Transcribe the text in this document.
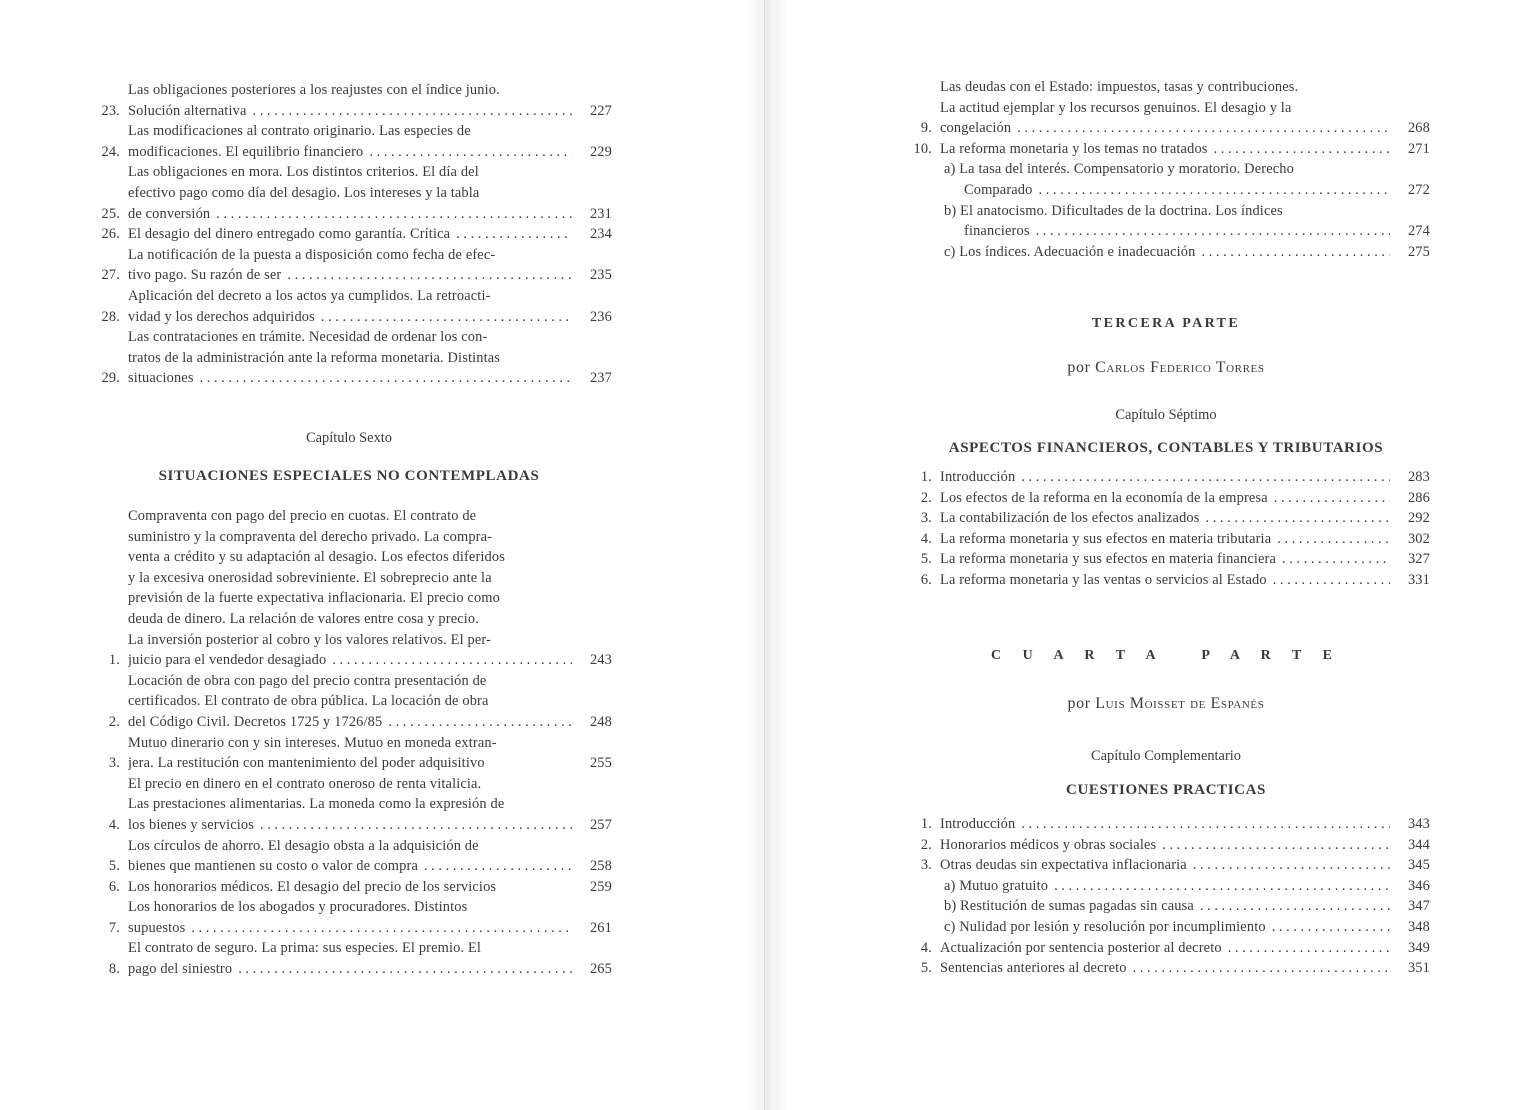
23.
Las obligaciones posteriores a los reajustes con el índice junio.
Solución alternativa . . .	227
24.
Las modificaciones al contrato originario. Las especies de
modificaciones. El equilibrio financiero . . .	229
25.
Las obligaciones en mora. Los distintos criterios. El día del
efectivo pago como día del desagio. Los intereses y la tabla
de conversión . . .	231
26. El desagio del dinero entregado como garantía. Crítica . . .	234
27.
La notificación de la puesta a disposición como fecha de efec-
tivo pago. Su razón de ser . . .	235
28.
Aplicación del decreto a los actos ya cumplidos. La retroacti-
vidad y los derechos adquiridos . . .	236
29.
Las contrataciones en trámite. Necesidad de ordenar los con-
tratos de la administración ante la reforma monetaria. Distintas
situaciones . . .	237
Capítulo Sexto
SITUACIONES ESPECIALES NO CONTEMPLADAS
1.
Compraventa con pago del precio en cuotas. El contrato de
suministro y la compraventa del derecho privado. La compra-
venta a crédito y su adaptación al desagio. Los efectos diferidos
y la excesiva onerosidad sobreviniente. El sobreprecio ante la
previsión de la fuerte expectativa inflacionaria. El precio como
deuda de dinero. La relación de valores entre cosa y precio.
La inversión posterior al cobro y los valores relativos. El per-
juicio para el vendedor desagiado . . .	243
2.
Locación de obra con pago del precio contra presentación de
certificados. El contrato de obra pública. La locación de obra
del Código Civil. Decretos 1725 y 1726/85 . . .	248
3.
Mutuo dinerario con y sin intereses. Mutuo en moneda extran-
jera. La restitución con mantenimiento del poder adquisitivo	255
4.
El precio en dinero en el contrato oneroso de renta vitalicia.
Las prestaciones alimentarias. La moneda como la expresión de
los bienes y servicios . . .	257
5.
Los círculos de ahorro. El desagio obsta a la adquisición de
bienes que mantienen su costo o valor de compra . . .	258
6. Los honorarios médicos. El desagio del precio de los servicios	259
7.
Los honorarios de los abogados y procuradores. Distintos
supuestos . . .	261
8.
El contrato de seguro. La prima: sus especies. El premio. El
pago del siniestro . . .	265
9.
Las deudas con el Estado: impuestos, tasas y contribuciones.
La actitud ejemplar y los recursos genuinos. El desagio y la
congelación . . .	268
10. La reforma monetaria y los temas no tratados . . .	271
a) La tasa del interés. Compensatorio y moratorio. Derecho
Comparado . . .	272
b) El anatocismo. Dificultades de la doctrina. Los índices
financieros . . .	274
c) Los índices. Adecuación e inadecuación . . .	275
TERCERA PARTE
por Carlos Federico Torres
Capítulo Séptimo
ASPECTOS FINANCIEROS, CONTABLES Y TRIBUTARIOS
1. Introducción . . .	283
2. Los efectos de la reforma en la economía de la empresa . . .	286
3. La contabilización de los efectos analizados . . .	292
4. La reforma monetaria y sus efectos en materia tributaria . . .	302
5. La reforma monetaria y sus efectos en materia financiera . . .	327
6. La reforma monetaria y las ventas o servicios al Estado . . .	331
C U A R T A   P A R T E
por Luis Moisset de Espanés
Capítulo Complementario
CUESTIONES PRACTICAS
1. Introducción . . .	343
2. Honorarios médicos y obras sociales . . .	344
3. Otras deudas sin expectativa inflacionaria . . .	345
a) Mutuo gratuito . . .	346
b) Restitución de sumas pagadas sin causa . . .	347
c) Nulidad por lesión y resolución por incumplimiento . . .	348
4. Actualización por sentencia posterior al decreto . . .	349
5. Sentencias anteriores al decreto . . .	351
